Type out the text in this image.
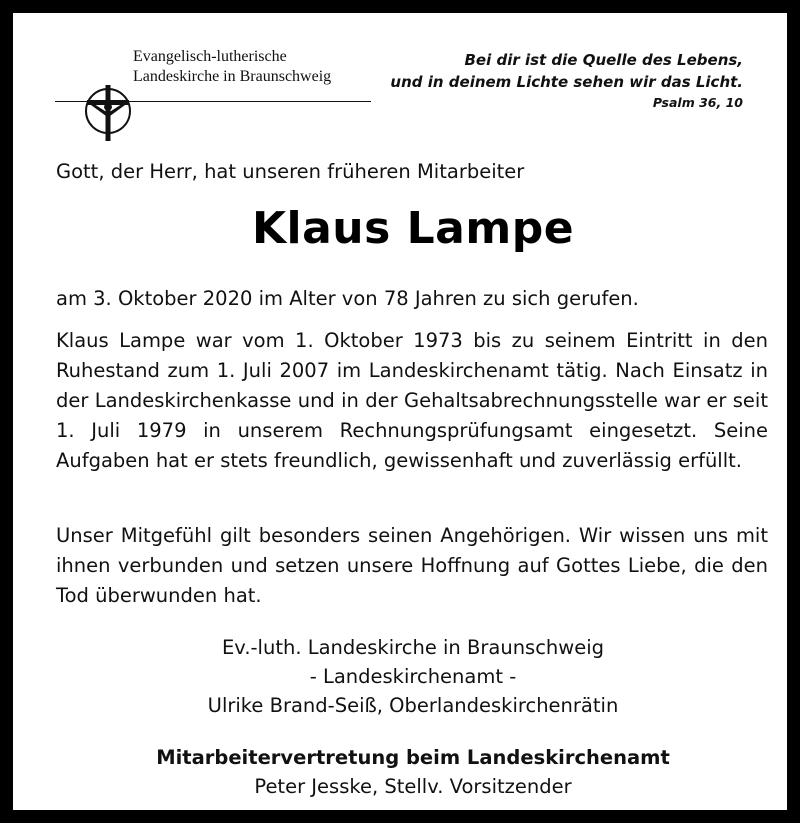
Evangelisch-lutherische
Landeskirche in Braunschweig
Bei dir ist die Quelle des Lebens,
und in deinem Lichte sehen wir das Licht.
Psalm 36, 10
Gott, der Herr, hat unseren früheren Mitarbeiter
Klaus Lampe
am 3. Oktober 2020 im Alter von 78 Jahren zu sich gerufen.
Klaus Lampe war vom 1. Oktober 1973 bis zu seinem Eintritt in den Ruhestand zum 1. Juli 2007 im Landeskirchenamt tätig. Nach Einsatz in der Landeskirchenkasse und in der Gehaltsabrechnungsstelle war er seit 1. Juli 1979 in unserem Rechnungsprüfungsamt eingesetzt. Seine Aufgaben hat er stets freundlich, gewissenhaft und zuverlässig erfüllt.
Unser Mitgefühl gilt besonders seinen Angehörigen. Wir wissen uns mit ihnen verbunden und setzen unsere Hoffnung auf Gottes Liebe, die den Tod überwunden hat.
Ev.-luth. Landeskirche in Braunschweig
- Landeskirchenamt -
Ulrike Brand-Seiß, Oberlandeskirchenrätin
Mitarbeitervertretung beim Landeskirchenamt
Peter Jesske, Stellv. Vorsitzender
